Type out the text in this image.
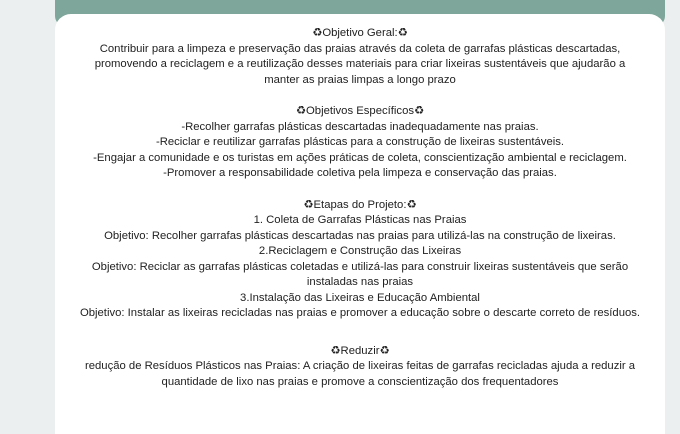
♻Objetivo Geral:♻

Contribuir para a limpeza e preservação das praias através da coleta de garrafas plásticas descartadas,

promovendo a reciclagem e a reutilização desses materiais para criar lixeiras sustentáveis que ajudarão a

manter as praias limpas a longo prazo

♻Objetivos Específicos♻

-Recolher garrafas plásticas descartadas inadequadamente nas praias.

-Reciclar e reutilizar garrafas plásticas para a construção de lixeiras sustentáveis.

-Engajar a comunidade e os turistas em ações práticas de coleta, conscientização ambiental e reciclagem.

-Promover a responsabilidade coletiva pela limpeza e conservação das praias.

♻Etapas do Projeto:♻

1. Coleta de Garrafas Plásticas nas Praias

Objetivo: Recolher garrafas plásticas descartadas nas praias para utilizá-las na construção de lixeiras.

2.Reciclagem e Construção das Lixeiras

Objetivo: Reciclar as garrafas plásticas coletadas e utilizá-las para construir lixeiras sustentáveis que serão

instaladas nas praias

3.Instalação das Lixeiras e Educação Ambiental

Objetivo: Instalar as lixeiras recicladas nas praias e promover a educação sobre o descarte correto de resíduos.

♻Reduzir♻

redução de Resíduos Plásticos nas Praias: A criação de lixeiras feitas de garrafas recicladas ajuda a reduzir a

quantidade de lixo nas praias e promove a conscientização dos frequentadores
